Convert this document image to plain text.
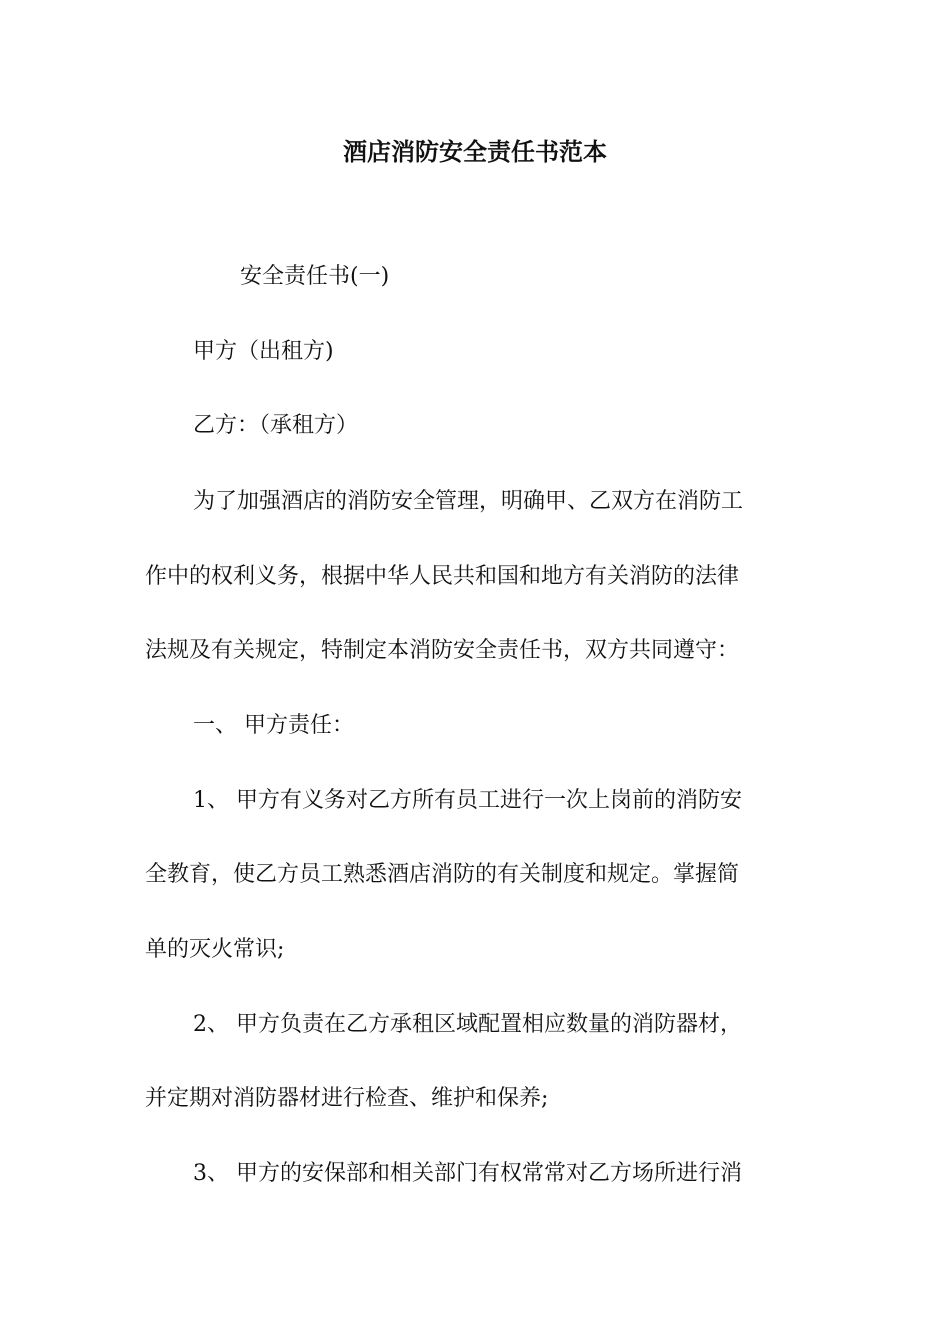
酒店消防安全责任书范本
安全责任书(一)
甲方（出租方)
乙方：（承租方）
为了加强酒店的消防安全管理，明确甲、乙双方在消防工
作中的权利义务，根据中华人民共和国和地方有关消防的法律
法规及有关规定，特制定本消防安全责任书，双方共同遵守：
一、 甲方责任：
1、 甲方有义务对乙方所有员工进行一次上岗前的消防安
全教育，使乙方员工熟悉酒店消防的有关制度和规定。掌握简
单的灭火常识;
2、 甲方负责在乙方承租区域配置相应数量的消防器材，
并定期对消防器材进行检查、维护和保养;
3、 甲方的安保部和相关部门有权常常对乙方场所进行消
